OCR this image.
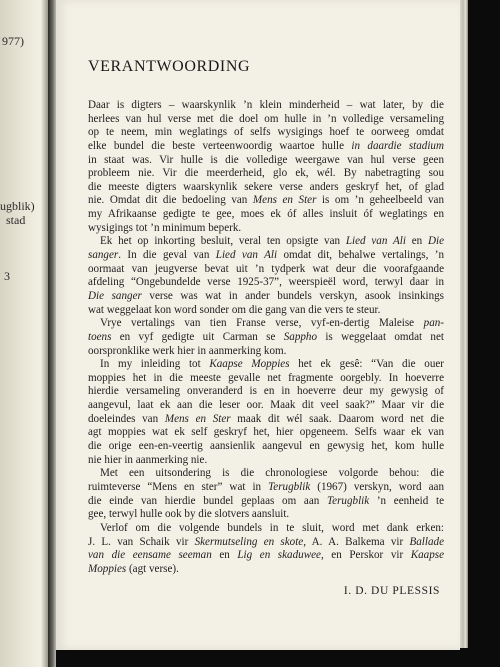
977)
ugblik)
stad
3
VERANTWOORDING
Daar is digters – waarskynlik ’n klein minderheid – wat later, by die
herlees van hul verse met die doel om hulle in ’n volledige versameling
op te neem, min weglatings of selfs wysigings hoef te oorweeg omdat
elke bundel die beste verteenwoordig waartoe hulle in daardie stadium
in staat was. Vir hulle is die volledige weergawe van hul verse geen
probleem nie. Vir die meerderheid, glo ek, wél. By nabetragting sou
die meeste digters waarskynlik sekere verse anders geskryf het, of glad
nie. Omdat dit die bedoeling van Mens en Ster is om ’n geheelbeeld van
my Afrikaanse gedigte te gee, moes ek óf alles insluit óf weglatings en
wysigings tot ’n minimum beperk.
Ek het op inkorting besluit, veral ten opsigte van Lied van Ali en Die
sanger. In die geval van Lied van Ali omdat dit, behalwe vertalings, ’n
oormaat van jeugverse bevat uit ’n tydperk wat deur die voorafgaande
afdeling “Ongebundelde verse 1925-37”, weerspieël word, terwyl daar in
Die sanger verse was wat in ander bundels verskyn, asook insinkings
wat weggelaat kon word sonder om die gang van die vers te steur.
Vrye vertalings van tien Franse verse, vyf-en-dertig Maleise pan-
toens en vyf gedigte uit Carman se Sappho is weggelaat omdat net
oorspronklike werk hier in aanmerking kom.
In my inleiding tot Kaapse Moppies het ek gesê: “Van die ouer
moppies het in die meeste gevalle net fragmente oorgebly. In hoeverre
hierdie versameling onveranderd is en in hoeverre deur my gewysig of
aangevul, laat ek aan die leser oor. Maak dit veel saak?” Maar vir die
doeleindes van Mens en Ster maak dit wél saak. Daarom word net die
agt moppies wat ek self geskryf het, hier opgeneem. Selfs waar ek van
die orige een-en-veertig aansienlik aangevul en gewysig het, kom hulle
nie hier in aanmerking nie.
Met een uitsondering is die chronologiese volgorde behou: die
ruimteverse “Mens en ster” wat in Terugblik (1967) verskyn, word aan
die einde van hierdie bundel geplaas om aan Terugblik ’n eenheid te
gee, terwyl hulle ook by die slotvers aansluit.
Verlof om die volgende bundels in te sluit, word met dank erken:
J. L. van Schaik vir Skermutseling en skote, A. A. Balkema vir Ballade
van die eensame seeman en Lig en skaduwee, en Perskor vir Kaapse
Moppies (agt verse).
I. D. DU PLESSIS
